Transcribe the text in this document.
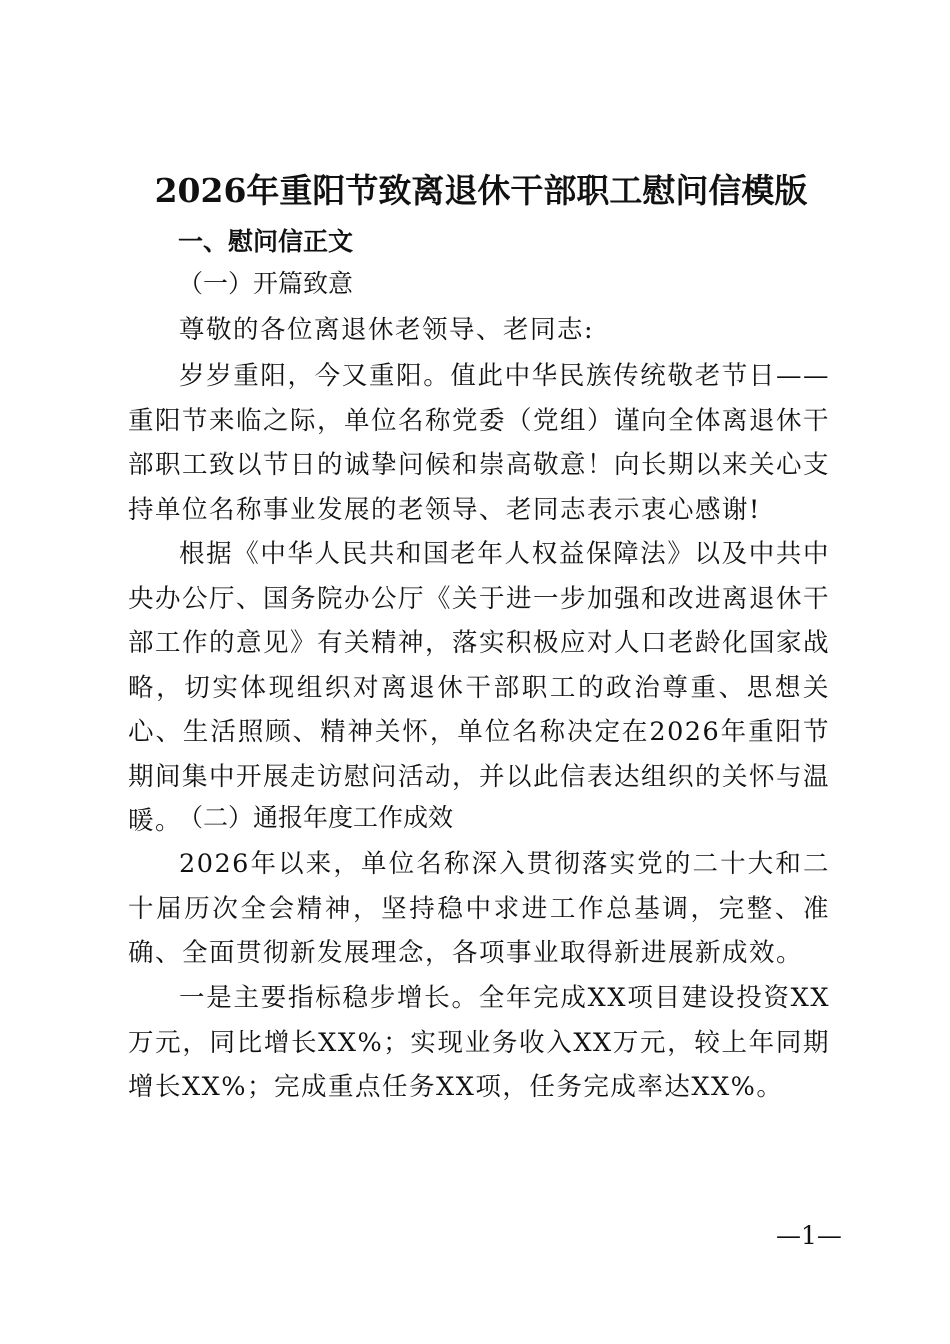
2026年重阳节致离退休干部职工慰问信模版
一、慰问信正文
（一）开篇致意

尊敬的各位离退休老领导、老同志:

岁岁重阳，今又重阳。值此中华民族传统敬老节日——重阳节来临之际，单位名称党委（党组）谨向全体离退休干部职工致以节日的诚挚问候和崇高敬意！向长期以来关心支持单位名称事业发展的老领导、老同志表示衷心感谢!

根据《中华人民共和国老年人权益保障法》以及中共中央办公厅、国务院办公厅《关于进一步加强和改进离退休干部工作的意见》有关精神，落实积极应对人口老龄化国家战略，切实体现组织对离退休干部职工的政治尊重、思想关心、生活照顾、精神关怀，单位名称决定在2026年重阳节期间集中开展走访慰问活动，并以此信表达组织的关怀与温暖。

（二）通报年度工作成效

2026年以来，单位名称深入贯彻落实党的二十大和二十届历次全会精神，坚持稳中求进工作总基调，完整、准确、全面贯彻新发展理念，各项事业取得新进展新成效。

一是主要指标稳步增长。全年完成XX项目建设投资XX万元，同比增长XX%；实现业务收入XX万元，较上年同期增长XX%；完成重点任务XX项，任务完成率达XX%。

—1—
